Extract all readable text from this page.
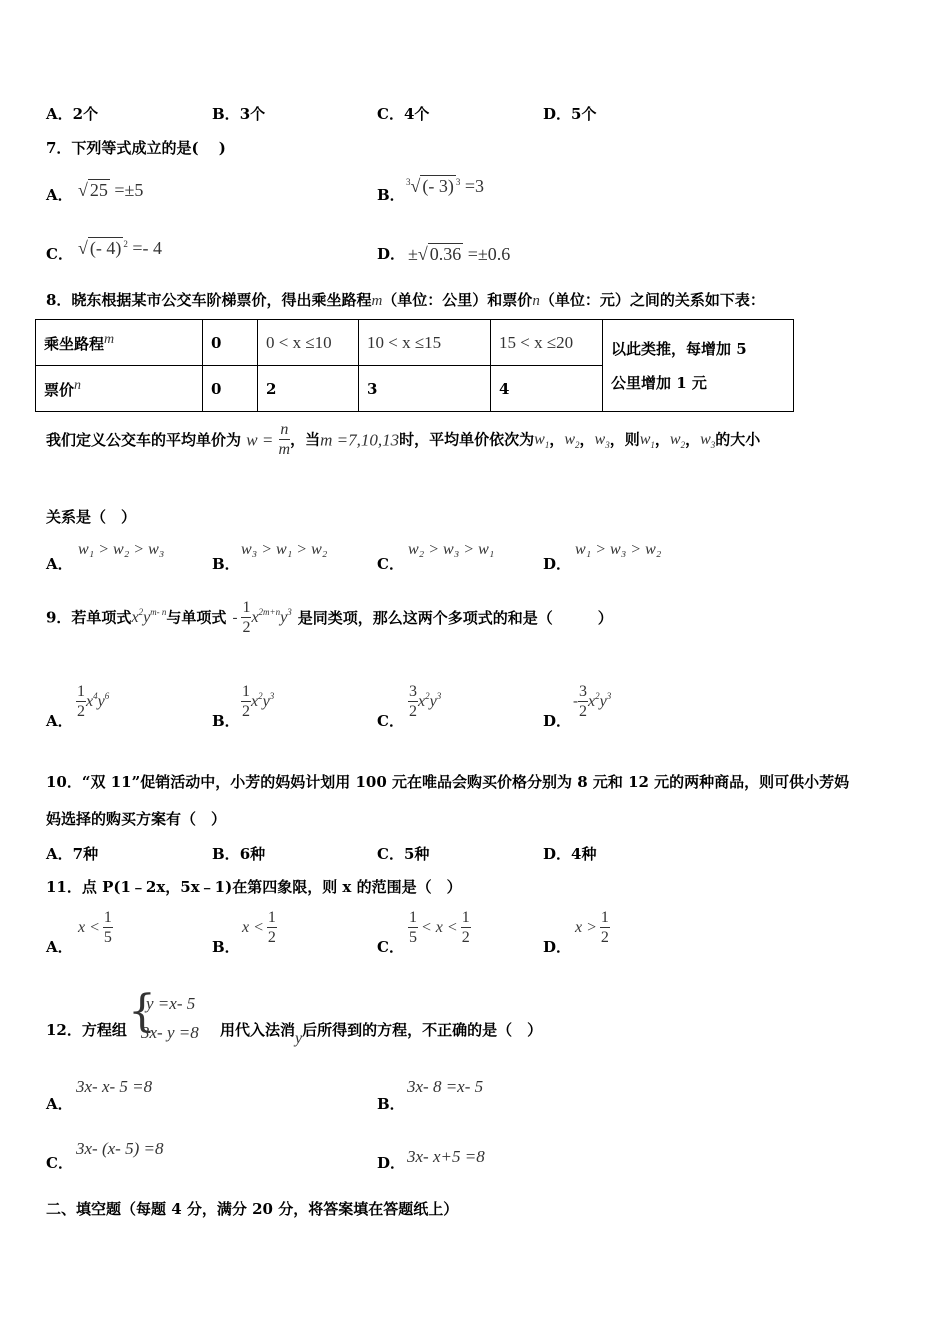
A．2个	B．3个	C．4个	D．5个
7．下列等式成立的是(　 )
A． √ 25 =±5	B．
$^3$√ (- 3) $^3$ =3
C． √ (- 4) $^2$ =- 4	D． ±√ 0.36 =±0.6
8．晓东根据某市公交车阶梯票价，得出乘坐路程m（单位：公里）和票价n（单位：元）之间的关系如下表：
乘坐路程$^m$	0	0 < x ≤10	10 < x ≤15	15 < x ≤20	以此类推，每增加 5
公里增加 1 元

票价$^n$	0	2	3	4	
我们定义公交车的平均单价为 $w = \frac{n}{m}$ ，当m =7,10,13时，平均单价依次为$w_1$，$w_2$，$w_3$，则$w_1$，$w_2$，$w_3$的大小
关系是（　）
A．
w₁ > w₂ > w₃
B．
w₃ > w₁ > w₂
C．
w₂ > w₃ > w₁
D．
w₁ > w₃ > w₂
9．若单项式$x^2y^{m- n}$与单项式 - $\frac{1}{2} x^{2m+n}y^3$ 是同类项，那么这两个多项式的和是（　　　）
A．
$\frac{1}{2} x^4y^6$
B．
$\frac{1}{2} x^2y^3$
C．
$\frac{3}{2} x^2y^3$
D．
- $\frac{3}{2} x^2y^3$
10．“双 11”促销活动中，小芳的妈妈计划用 100 元在唯品会购买价格分别为 8 元和 12 元的两种商品，则可供小芳妈
妈选择的购买方案有（　）
A．7种	B．6种	C．5种	D．4种
11．点 P(1﹣2x，5x﹣1)在第四象限，则 x 的范围是（　）
A．
$x < \frac{1}{5}$
B．
$x < \frac{1}{2}$
C．
$\frac{1}{5} < x < \frac{1}{2}$
D．
$x > \frac{1}{2}$
12．方程组 {
y =x- 5
3x- y =8 用代入法消y后所得到的方程，不正确的是（　）
A．
3x- x- 5 =8
B．
3x- 8 =x- 5
C．
3x- (x- 5) =8
D． 3x- x+5 =8
二、填空题（每题 4 分，满分 20 分，将答案填在答题纸上）
